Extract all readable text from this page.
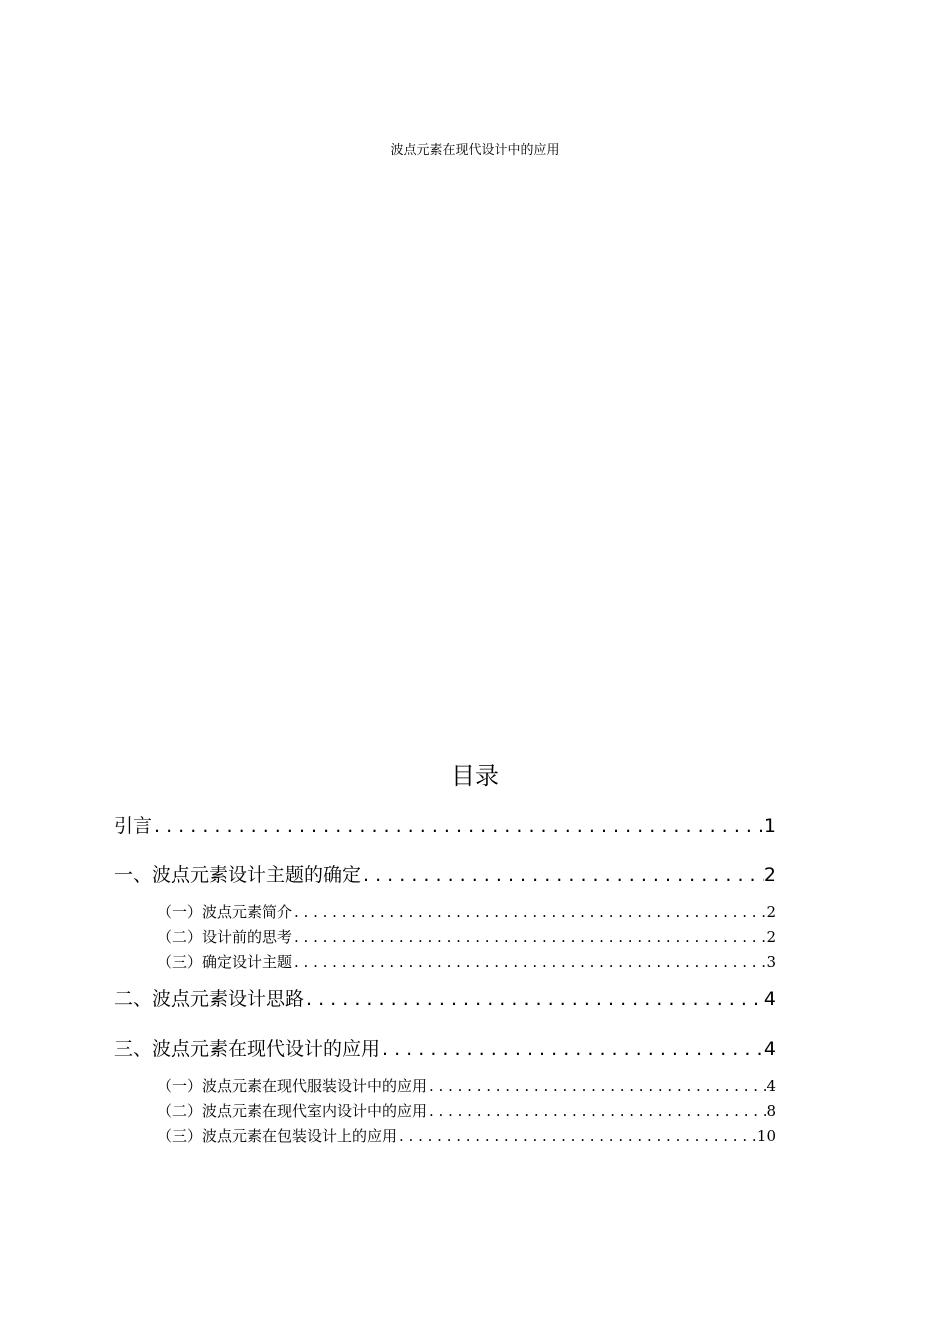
波点元素在现代设计中的应用
目录
引言 . . .	1
一、波点元素设计主题的确定 . . .	2
（一）波点元素简介 . . .	2
（二）设计前的思考 . . .	2
（三）确定设计主题 . . .	3
二、波点元素设计思路 . . .	4
三、波点元素在现代设计的应用 . . .	4
（一）波点元素在现代服装设计中的应用 . . .	4
（二）波点元素在现代室内设计中的应用 . . .	8
（三）波点元素在包装设计上的应用 . . .	10
